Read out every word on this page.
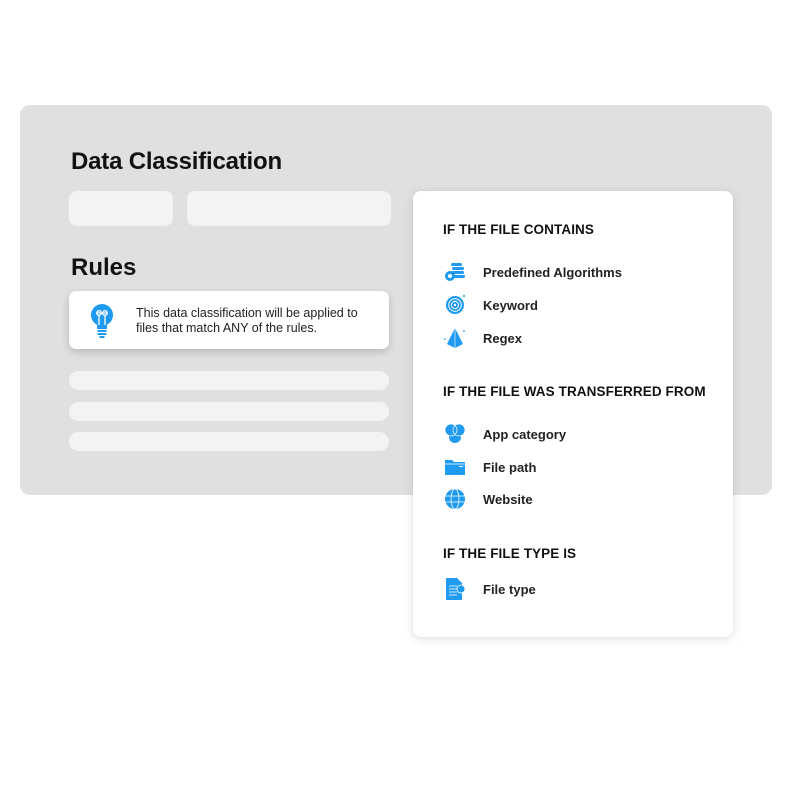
Data Classification
Rules
This data classification will be applied to files that match ANY of the rules.
IF THE FILE CONTAINS
Predefined Algorithms
Keyword
Regex
IF THE FILE WAS TRANSFERRED FROM
App category
File path
Website
IF THE FILE TYPE IS
File type
